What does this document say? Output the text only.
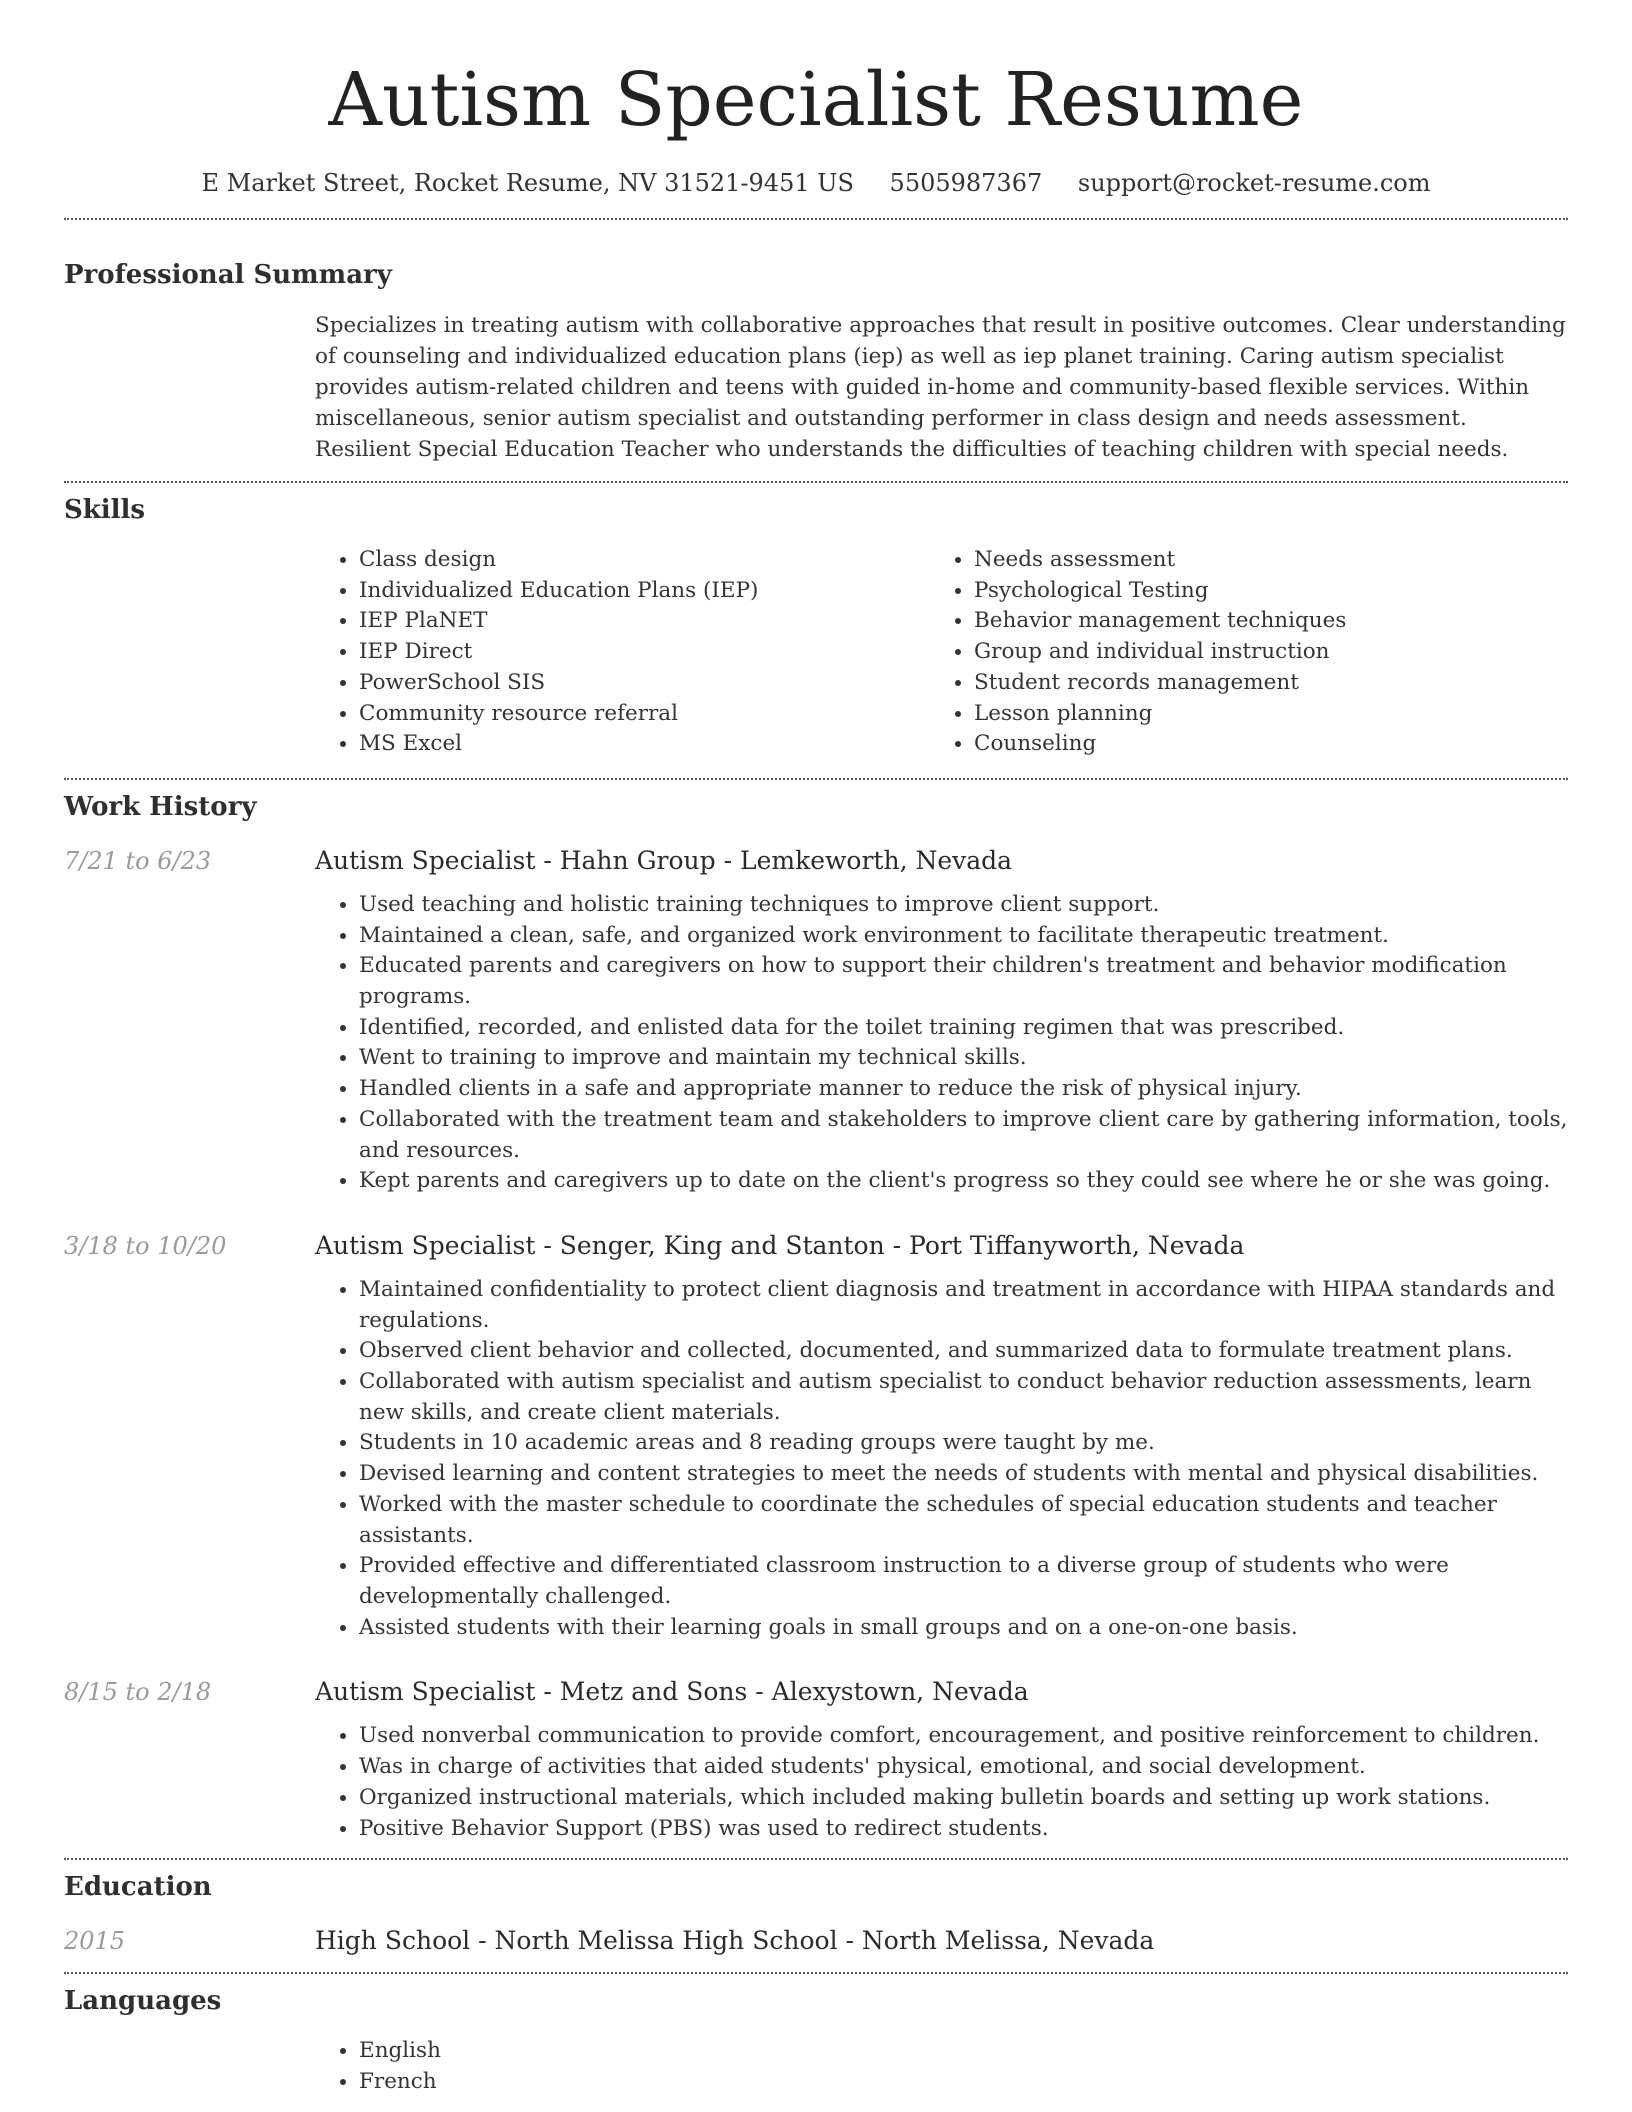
Autism Specialist Resume
E Market Street, Rocket Resume, NV 31521-9451 US 5505987367 support@rocket-resume.com
Professional Summary

Specializes in treating autism with collaborative approaches that result in positive outcomes. Clear understanding of counseling and individualized education plans (iep) as well as iep planet training. Caring autism specialist provides autism-related children and teens with guided in-home and community-based flexible services. Within miscellaneous, senior autism specialist and outstanding performer in class design and needs assessment. Resilient Special Education Teacher who understands the difficulties of teaching children with special needs.

Skills
• Class design
• Individualized Education Plans (IEP)
• IEP PlaNET
• IEP Direct
• PowerSchool SIS
• Community resource referral
• MS Excel
• Needs assessment
• Psychological Testing
• Behavior management techniques
• Group and individual instruction
• Student records management
• Lesson planning
• Counseling
Work History
7/21 to 6/23	Autism Specialist - Hahn Group - Lemkeworth, Nevada
• Used teaching and holistic training techniques to improve client support.
• Maintained a clean, safe, and organized work environment to facilitate therapeutic treatment.
• Educated parents and caregivers on how to support their children's treatment and behavior modification programs.
• Identified, recorded, and enlisted data for the toilet training regimen that was prescribed.
• Went to training to improve and maintain my technical skills.
• Handled clients in a safe and appropriate manner to reduce the risk of physical injury.
• Collaborated with the treatment team and stakeholders to improve client care by gathering information, tools, and resources.
• Kept parents and caregivers up to date on the client's progress so they could see where he or she was going.
3/18 to 10/20	Autism Specialist - Senger, King and Stanton - Port Tiffanyworth, Nevada
• Maintained confidentiality to protect client diagnosis and treatment in accordance with HIPAA standards and regulations.
• Observed client behavior and collected, documented, and summarized data to formulate treatment plans.
• Collaborated with autism specialist and autism specialist to conduct behavior reduction assessments, learn new skills, and create client materials.
• Students in 10 academic areas and 8 reading groups were taught by me.
• Devised learning and content strategies to meet the needs of students with mental and physical disabilities.
• Worked with the master schedule to coordinate the schedules of special education students and teacher assistants.
• Provided effective and differentiated classroom instruction to a diverse group of students who were developmentally challenged.
• Assisted students with their learning goals in small groups and on a one-on-one basis.
8/15 to 2/18	Autism Specialist - Metz and Sons - Alexystown, Nevada
• Used nonverbal communication to provide comfort, encouragement, and positive reinforcement to children.
• Was in charge of activities that aided students' physical, emotional, and social development.
• Organized instructional materials, which included making bulletin boards and setting up work stations.
• Positive Behavior Support (PBS) was used to redirect students.
Education
2015	High School - North Melissa High School - North Melissa, Nevada
Languages
• English
• French
